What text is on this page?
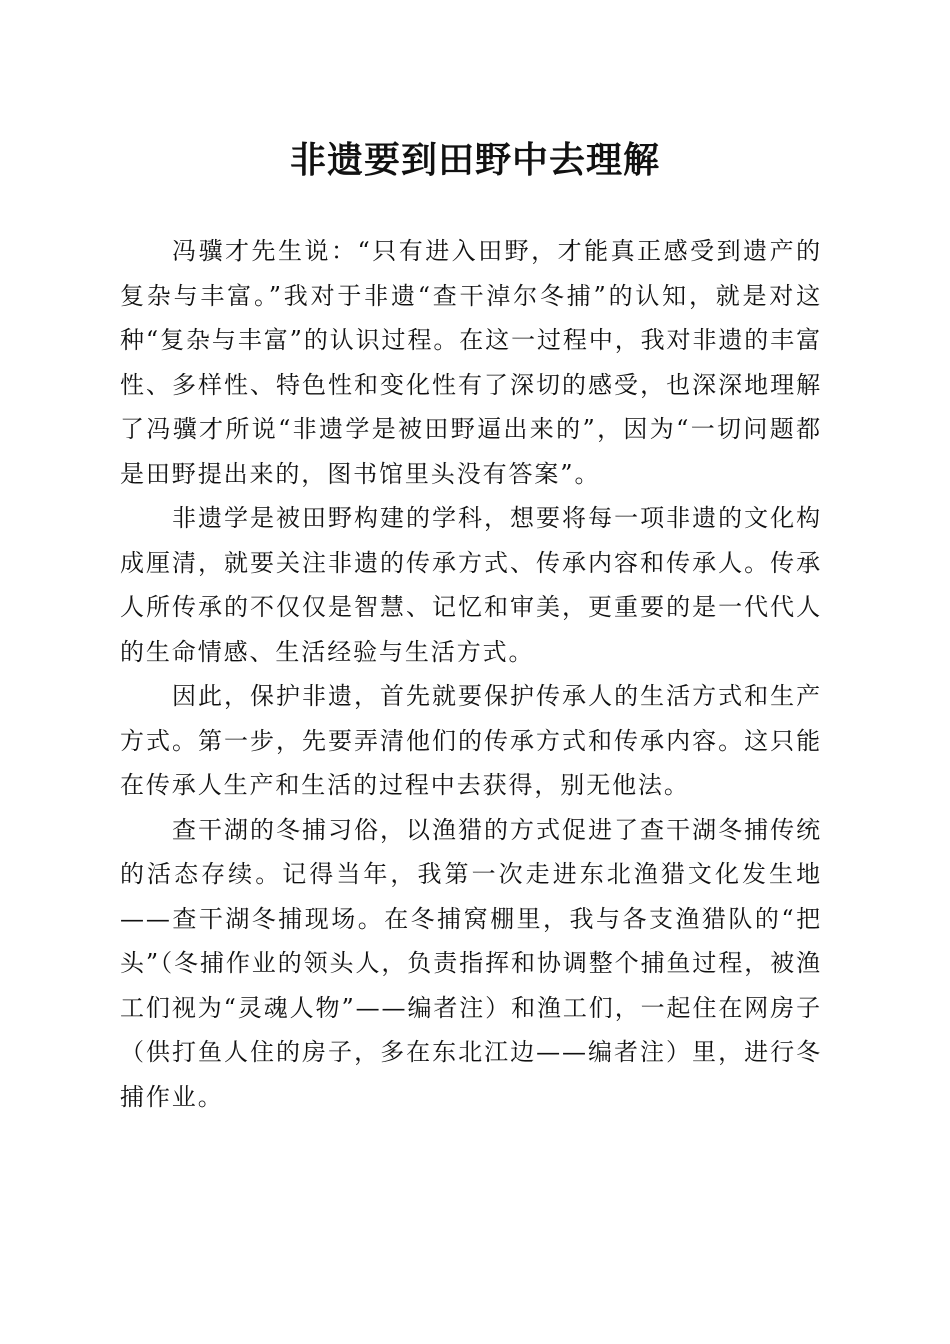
非遗要到田野中去理解

冯骥才先生说：“只有进入田野，才能真正感受到遗产的复杂与丰富。”我对于非遗“查干淖尔冬捕”的认知，就是对这种“复杂与丰富”的认识过程。在这一过程中，我对非遗的丰富性、多样性、特色性和变化性有了深切的感受，也深深地理解了冯骥才所说“非遗学是被田野逼出来的”，因为“一切问题都是田野提出来的，图书馆里头没有答案”。

非遗学是被田野构建的学科，想要将每一项非遗的文化构成厘清，就要关注非遗的传承方式、传承内容和传承人。传承人所传承的不仅仅是智慧、记忆和审美，更重要的是一代代人的生命情感、生活经验与生活方式。

因此，保护非遗，首先就要保护传承人的生活方式和生产方式。第一步，先要弄清他们的传承方式和传承内容。这只能在传承人生产和生活的过程中去获得，别无他法。

查干湖的冬捕习俗，以渔猎的方式促进了查干湖冬捕传统的活态存续。记得当年，我第一次走进东北渔猎文化发生地——查干湖冬捕现场。在冬捕窝棚里，我与各支渔猎队的“把头”（冬捕作业的领头人，负责指挥和协调整个捕鱼过程，被渔工们视为“灵魂人物”——编者注）和渔工们，一起住在网房子（供打鱼人住的房子，多在东北江边——编者注）里，进行冬捕作业。
